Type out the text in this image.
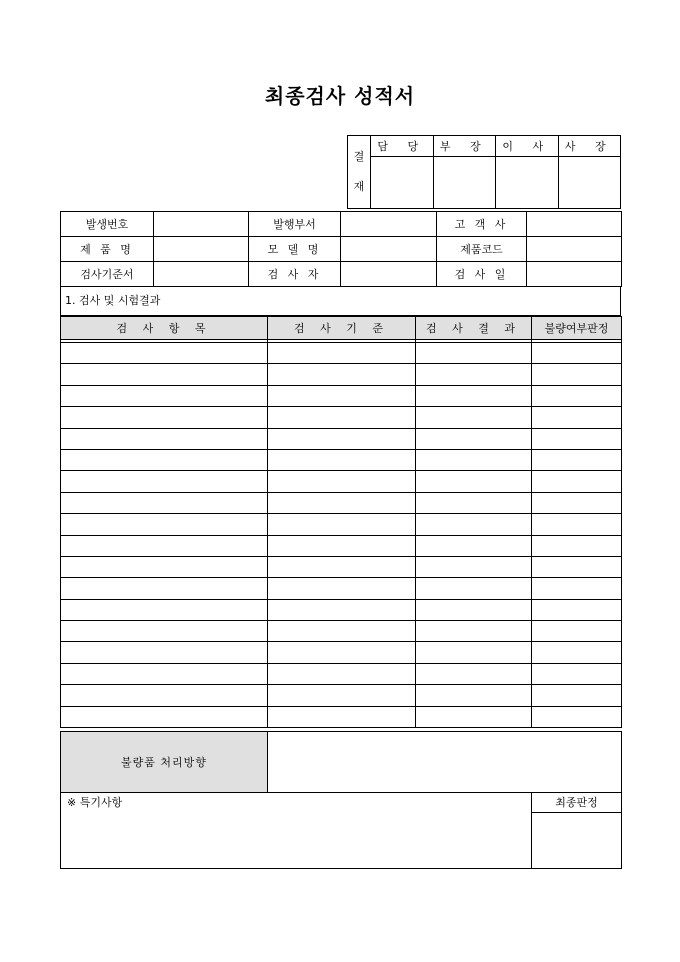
최종검사 성적서
결
재	담 당	부 장	이 사	사 장

발생번호		발행부서		고 객 사	
제 품 명		모 델 명		제품코드	
검사기준서		검 사 자		검 사 일	
1. 검사 및 시험결과
검 사 항 목	검 사 기 준	검 사 결 과	불량여부판정

불량품 처리방향	
※ 특기사항	최종판정
